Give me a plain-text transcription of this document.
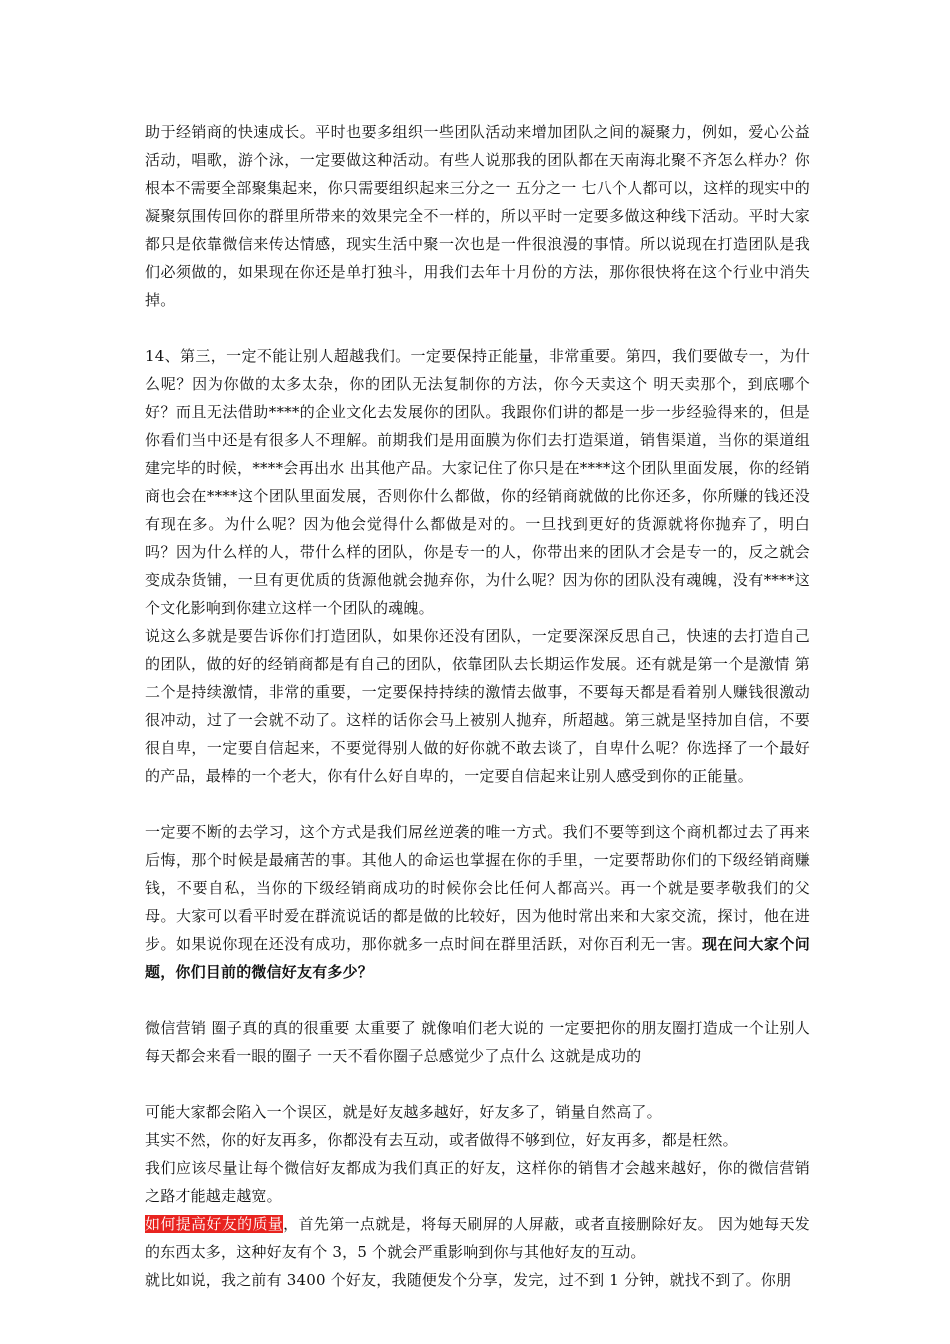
助于经销商的快速成长。平时也要多组织一些团队活动来增加团队之间的凝聚力，例如，爱心公益活动，唱歌，游个泳，一定要做这种活动。有些人说那我的团队都在天南海北聚不齐怎么样办？你根本不需要全部聚集起来，你只需要组织起来三分之一 五分之一 七八个人都可以，这样的现实中的凝聚氛围传回你的群里所带来的效果完全不一样的，所以平时一定要多做这种线下活动。平时大家都只是依靠微信来传达情感，现实生活中聚一次也是一件很浪漫的事情。所以说现在打造团队是我们必须做的，如果现在你还是单打独斗，用我们去年十月份的方法，那你很快将在这个行业中消失掉。

14、第三，一定不能让别人超越我们。一定要保持正能量，非常重要。第四，我们要做专一，为什么呢？因为你做的太多太杂，你的团队无法复制你的方法，你今天卖这个 明天卖那个，到底哪个好？而且无法借助****的企业文化去发展你的团队。我跟你们讲的都是一步一步经验得来的，但是你看们当中还是有很多人不理解。前期我们是用面膜为你们去打造渠道，销售渠道，当你的渠道组建完毕的时候，****会再出水 出其他产品。大家记住了你只是在****这个团队里面发展，你的经销商也会在****这个团队里面发展，否则你什么都做，你的经销商就做的比你还多，你所赚的钱还没有现在多。为什么呢？因为他会觉得什么都做是对的。一旦找到更好的货源就将你抛弃了，明白吗？因为什么样的人，带什么样的团队，你是专一的人，你带出来的团队才会是专一的，反之就会变成杂货铺，一旦有更优质的货源他就会抛弃你，为什么呢？因为你的团队没有魂魄，没有****这个文化影响到你建立这样一个团队的魂魄。

说这么多就是要告诉你们打造团队，如果你还没有团队，一定要深深反思自己，快速的去打造自己的团队，做的好的经销商都是有自己的团队，依靠团队去长期运作发展。还有就是第一个是激情 第二个是持续激情，非常的重要，一定要保持持续的激情去做事，不要每天都是看着别人赚钱很激动很冲动，过了一会就不动了。这样的话你会马上被别人抛弃，所超越。第三就是坚持加自信，不要很自卑，一定要自信起来，不要觉得别人做的好你就不敢去谈了，自卑什么呢？你选择了一个最好的产品，最棒的一个老大，你有什么好自卑的，一定要自信起来让别人感受到你的正能量。

一定要不断的去学习，这个方式是我们屌丝逆袭的唯一方式。我们不要等到这个商机都过去了再来后悔，那个时候是最痛苦的事。其他人的命运也掌握在你的手里，一定要帮助你们的下级经销商赚钱，不要自私，当你的下级经销商成功的时候你会比任何人都高兴。再一个就是要孝敬我们的父母。大家可以看平时爱在群流说话的都是做的比较好，因为他时常出来和大家交流，探讨，他在进步。如果说你现在还没有成功，那你就多一点时间在群里活跃，对你百利无一害。现在问大家个问题，你们目前的微信好友有多少？

微信营销 圈子真的真的很重要 太重要了 就像咱们老大说的 一定要把你的朋友圈打造成一个让别人每天都会来看一眼的圈子 一天不看你圈子总感觉少了点什么 这就是成功的

可能大家都会陷入一个误区，就是好友越多越好，好友多了，销量自然高了。

其实不然，你的好友再多，你都没有去互动，或者做得不够到位，好友再多，都是枉然。

我们应该尽量让每个微信好友都成为我们真正的好友，这样你的销售才会越来越好，你的微信营销之路才能越走越宽。

如何提高好友的质量，首先第一点就是，将每天刷屏的人屏蔽，或者直接删除好友。 因为她每天发的东西太多，这种好友有个 3，5 个就会严重影响到你与其他好友的互动。

就比如说，我之前有 3400 个好友，我随便发个分享，发完，过不到 1 分钟，就找不到了。你朋
